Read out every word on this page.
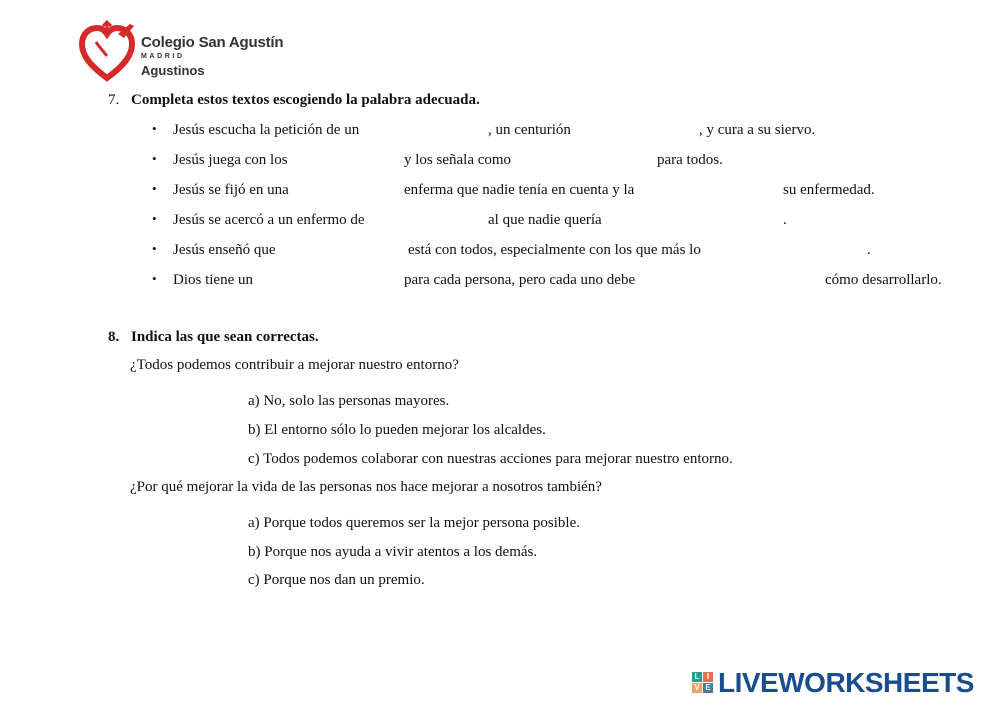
Colegio San Agustín
MADRID
Agustinos
7. Completa estos textos escogiendo la palabra adecuada.
• Jesús escucha la petición de un	, un centurión	, y cura a su siervo.
• Jesús juega con los	y los señala como	para todos.
• Jesús se fijó en una	enferma que nadie tenía en cuenta y la	su enfermedad.
• Jesús se acercó a un enfermo de	al que nadie quería	.
• Jesús enseñó que	está con todos, especialmente con los que más lo	.
• Dios tiene un	para cada persona, pero cada uno debe	cómo desarrollarlo.
8. Indica las que sean correctas.
¿Todos podemos contribuir a mejorar nuestro entorno?
a) No, solo las personas mayores.
b) El entorno sólo lo pueden mejorar los alcaldes.
c) Todos podemos colaborar con nuestras acciones para mejorar nuestro entorno.
¿Por qué mejorar la vida de las personas nos hace mejorar a nosotros también?
a) Porque todos queremos ser la mejor persona posible.
b) Porque nos ayuda a vivir atentos a los demás.
c) Porque nos dan un premio.
L I
V E LIVEWORKSHEETS
